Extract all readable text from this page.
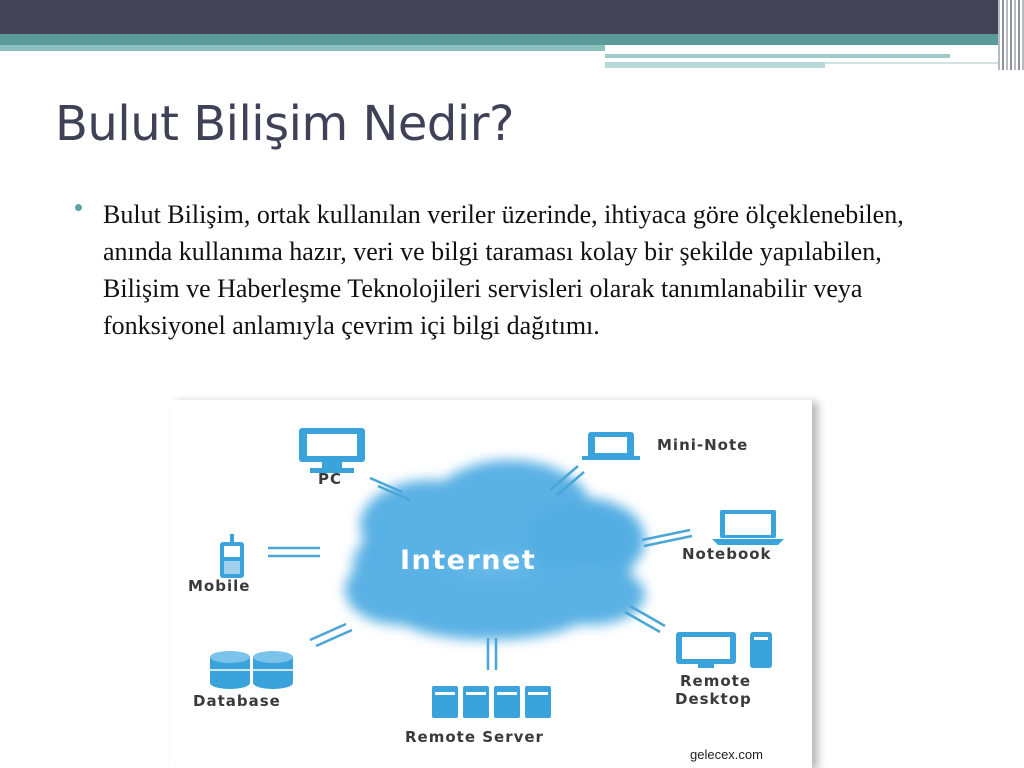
Bulut Bilişim Nedir?

Bulut Bilişim, ortak kullanılan veriler üzerinde, ihtiyaca göre ölçeklenebilen, anında kullanıma hazır, veri ve bilgi taraması kolay bir şekilde yapılabilen, Bilişim ve Haberleşme Teknolojileri servisleri olarak tanımlanabilir veya fonksiyonel anlamıyla çevrim içi bilgi dağıtımı.

Internet
PC
Mini-Note
Mobile
Notebook
Database
Remote
Desktop
Remote Server
gelecex.com
